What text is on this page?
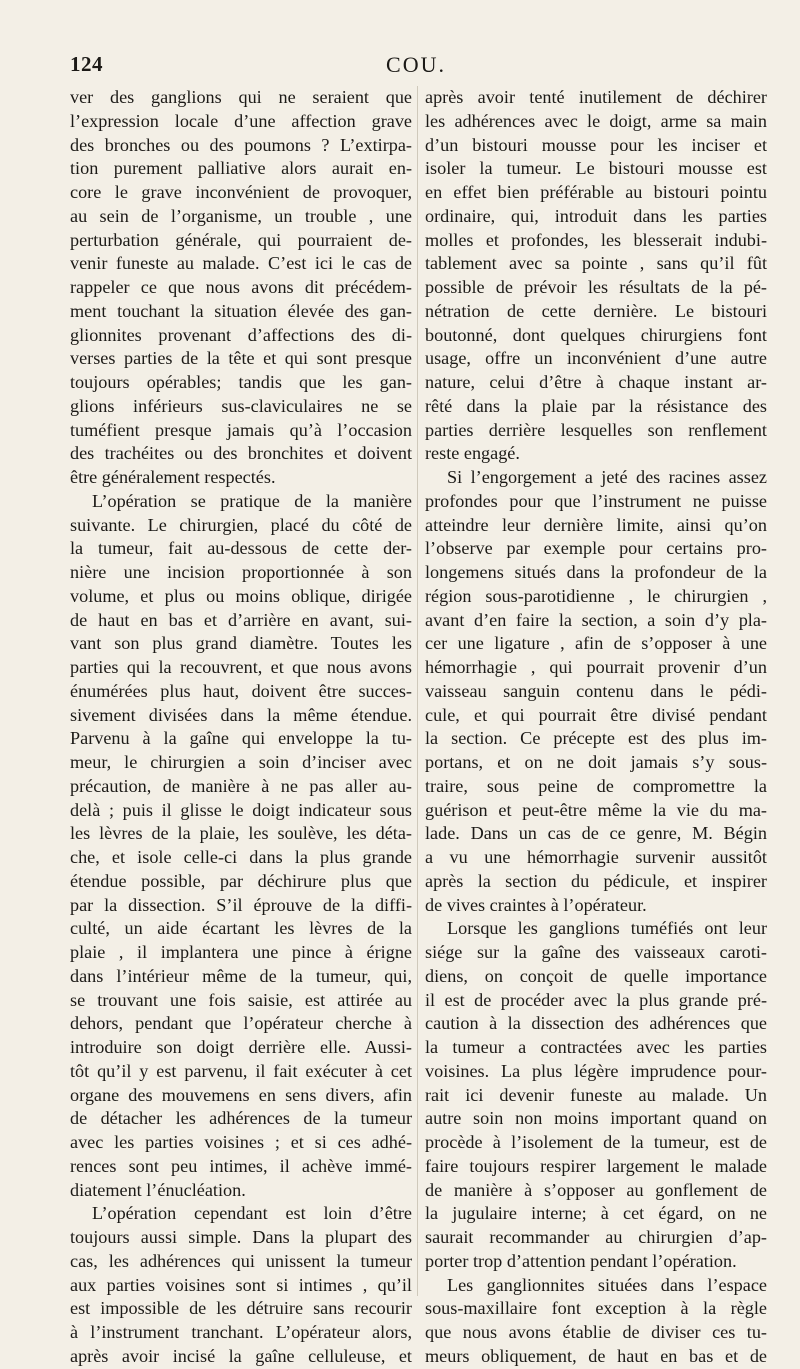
124	COU.
ver des ganglions qui ne seraient que
l’expression locale d’une affection grave
des bronches ou des poumons ? L’extirpa-
tion purement palliative alors aurait en-
core le grave inconvénient de provoquer,
au sein de l’organisme, un trouble , une
perturbation générale, qui pourraient de-
venir funeste au malade. C’est ici le cas de
rappeler ce que nous avons dit précédem-
ment touchant la situation élevée des gan-
glionnites provenant d’affections des di-
verses parties de la tête et qui sont presque
toujours opérables; tandis que les gan-
glions inférieurs sus-claviculaires ne se
tuméfient presque jamais qu’à l’occasion
des trachéites ou des bronchites et doivent
être généralement respectés.
L’opération se pratique de la manière
suivante. Le chirurgien, placé du côté de
la tumeur, fait au-dessous de cette der-
nière une incision proportionnée à son
volume, et plus ou moins oblique, dirigée
de haut en bas et d’arrière en avant, sui-
vant son plus grand diamètre. Toutes les
parties qui la recouvrent, et que nous avons
énumérées plus haut, doivent être succes-
sivement divisées dans la même étendue.
Parvenu à la gaîne qui enveloppe la tu-
meur, le chirurgien a soin d’inciser avec
précaution, de manière à ne pas aller au-
delà ; puis il glisse le doigt indicateur sous
les lèvres de la plaie, les soulève, les déta-
che, et isole celle-ci dans la plus grande
étendue possible, par déchirure plus que
par la dissection. S’il éprouve de la diffi-
culté, un aide écartant les lèvres de la
plaie , il implantera une pince à érigne
dans l’intérieur même de la tumeur, qui,
se trouvant une fois saisie, est attirée au
dehors, pendant que l’opérateur cherche à
introduire son doigt derrière elle. Aussi-
tôt qu’il y est parvenu, il fait exécuter à cet
organe des mouvemens en sens divers, afin
de détacher les adhérences de la tumeur
avec les parties voisines ; et si ces adhé-
rences sont peu intimes, il achève immé-
diatement l’énucléation.
L’opération cependant est loin d’être
toujours aussi simple. Dans la plupart des
cas, les adhérences qui unissent la tumeur
aux parties voisines sont si intimes , qu’il
est impossible de les détruire sans recourir
à l’instrument tranchant. L’opérateur alors,
après avoir incisé la gaîne celluleuse, et
après avoir tenté inutilement de déchirer
les adhérences avec le doigt, arme sa main
d’un bistouri mousse pour les inciser et
isoler la tumeur. Le bistouri mousse est
en effet bien préférable au bistouri pointu
ordinaire, qui, introduit dans les parties
molles et profondes, les blesserait indubi-
tablement avec sa pointe , sans qu’il fût
possible de prévoir les résultats de la pé-
nétration de cette dernière. Le bistouri
boutonné, dont quelques chirurgiens font
usage, offre un inconvénient d’une autre
nature, celui d’être à chaque instant ar-
rêté dans la plaie par la résistance des
parties derrière lesquelles son renflement
reste engagé.
Si l’engorgement a jeté des racines assez
profondes pour que l’instrument ne puisse
atteindre leur dernière limite, ainsi qu’on
l’observe par exemple pour certains pro-
longemens situés dans la profondeur de la
région sous-parotidienne , le chirurgien ,
avant d’en faire la section, a soin d’y pla-
cer une ligature , afin de s’opposer à une
hémorrhagie , qui pourrait provenir d’un
vaisseau sanguin contenu dans le pédi-
cule, et qui pourrait être divisé pendant
la section. Ce précepte est des plus im-
portans, et on ne doit jamais s’y sous-
traire, sous peine de compromettre la
guérison et peut-être même la vie du ma-
lade. Dans un cas de ce genre, M. Bégin
a vu une hémorrhagie survenir aussitôt
après la section du pédicule, et inspirer
de vives craintes à l’opérateur.
Lorsque les ganglions tuméfiés ont leur
siége sur la gaîne des vaisseaux caroti-
diens, on conçoit de quelle importance
il est de procéder avec la plus grande pré-
caution à la dissection des adhérences que
la tumeur a contractées avec les parties
voisines. La plus légère imprudence pour-
rait ici devenir funeste au malade. Un
autre soin non moins important quand on
procède à l’isolement de la tumeur, est de
faire toujours respirer largement le malade
de manière à s’opposer au gonflement de
la jugulaire interne; à cet égard, on ne
saurait recommander au chirurgien d’ap-
porter trop d’attention pendant l’opération.
Les ganglionnites situées dans l’espace
sous-maxillaire font exception à la règle
que nous avons établie de diviser ces tu-
meurs obliquement, de haut en bas et de
